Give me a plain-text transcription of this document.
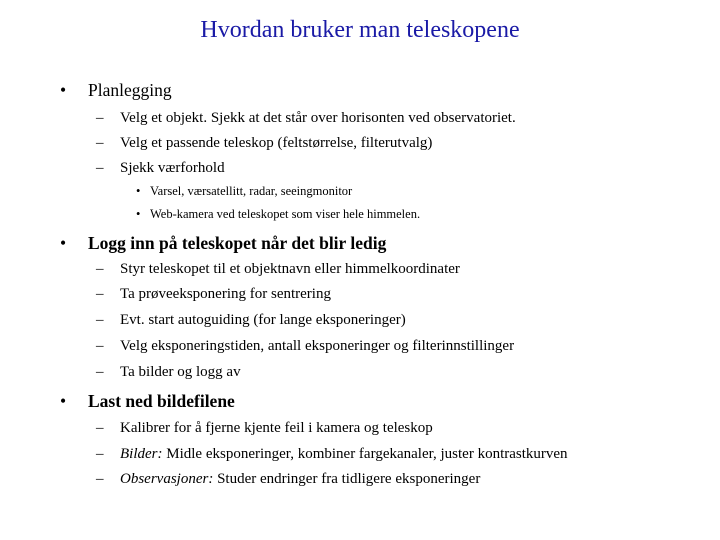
Hvordan bruker man teleskopene
•	Planlegging
–	Velg et objekt. Sjekk at det står over horisonten ved observatoriet.
–	Velg et passende teleskop (feltstørrelse, filterutvalg)
–	Sjekk værforhold
• Varsel, værsatellitt, radar, seeingmonitor
• Web-kamera ved teleskopet som viser hele himmelen.
•	Logg inn på teleskopet når det blir ledig
–	Styr teleskopet til et objektnavn eller himmelkoordinater
–	Ta prøveeksponering for sentrering
–	Evt. start autoguiding (for lange eksponeringer)
–	Velg eksponeringstiden, antall eksponeringer og filterinnstillinger
–	Ta bilder og logg av
•	Last ned bildefilene
–	Kalibrer for å fjerne kjente feil i kamera og teleskop
–	Bilder: Midle eksponeringer, kombiner fargekanaler, juster kontrastkurven
–	Observasjoner: Studer endringer fra tidligere eksponeringer
